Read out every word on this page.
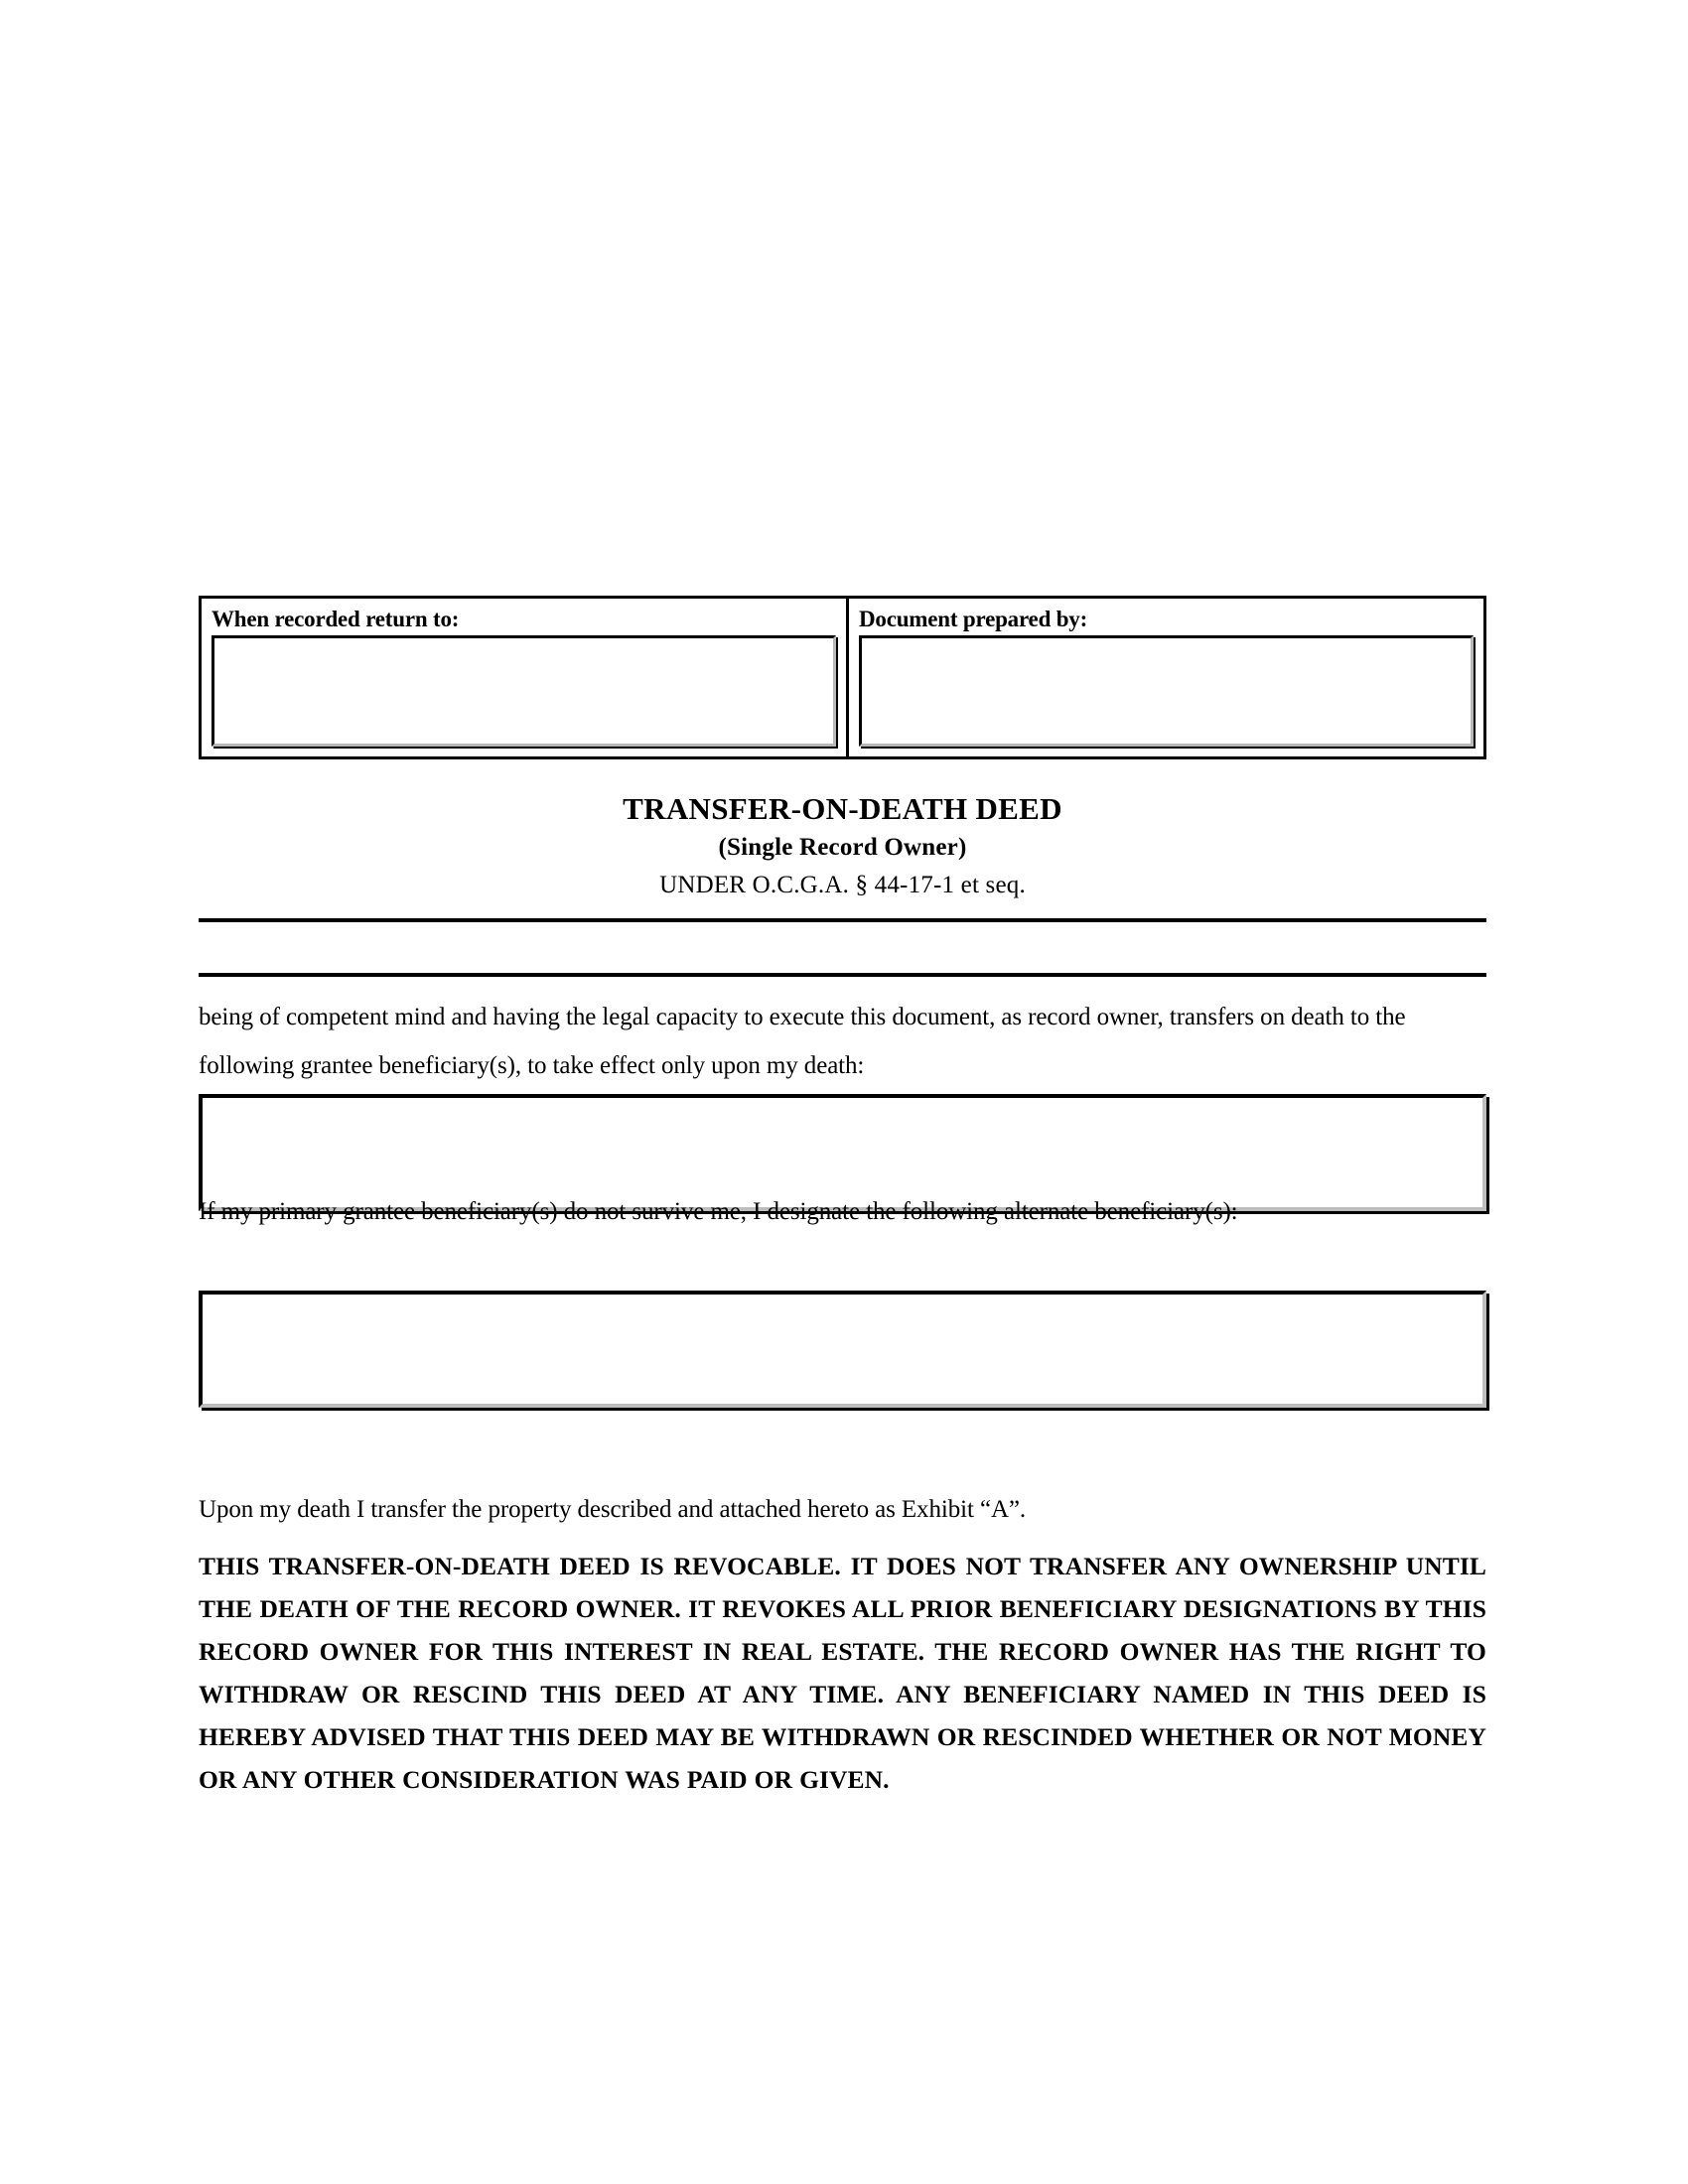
When recorded return to:	Document prepared by:
TRANSFER-ON-DEATH DEED
(Single Record Owner)
UNDER O.C.G.A. § 44-17-1 et seq.
being of competent mind and having the legal capacity to execute this document, as record owner, transfers on death to the following grantee beneficiary(s), to take effect only upon my death:
If my primary grantee beneficiary(s) do not survive me, I designate the following alternate beneficiary(s):
Upon my death I transfer the property described and attached hereto as Exhibit “A”.
THIS TRANSFER-ON-DEATH DEED IS REVOCABLE. IT DOES NOT TRANSFER ANY OWNERSHIP UNTIL THE DEATH OF THE RECORD OWNER. IT REVOKES ALL PRIOR BENEFICIARY DESIGNATIONS BY THIS RECORD OWNER FOR THIS INTEREST IN REAL ESTATE. THE RECORD OWNER HAS THE RIGHT TO WITHDRAW OR RESCIND THIS DEED AT ANY TIME. ANY BENEFICIARY NAMED IN THIS DEED IS HEREBY ADVISED THAT THIS DEED MAY BE WITHDRAWN OR RESCINDED WHETHER OR NOT MONEY OR ANY OTHER CONSIDERATION WAS PAID OR GIVEN.
